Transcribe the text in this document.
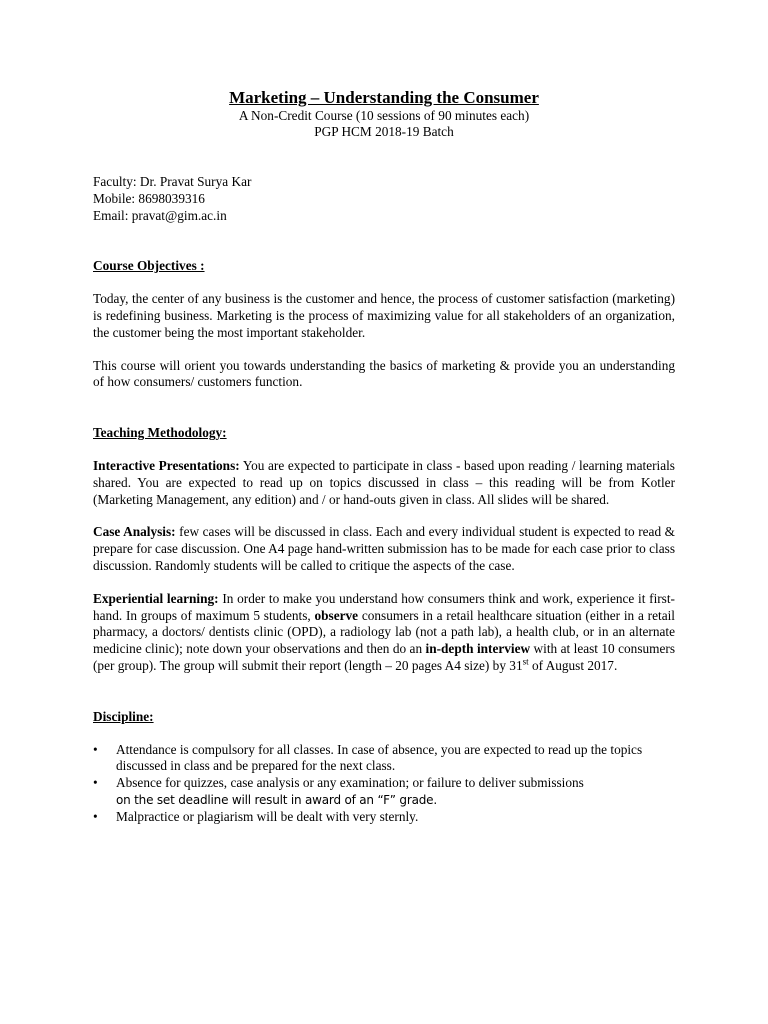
Marketing – Understanding the Consumer
A Non-Credit Course (10 sessions of 90 minutes each)
PGP HCM 2018-19 Batch
Faculty: Dr. Pravat Surya Kar
Mobile: 8698039316
Email: pravat@gim.ac.in
Course Objectives :

Today, the center of any business is the customer and hence, the process of customer satisfaction (marketing) is redefining business. Marketing is the process of maximizing value for all stakeholders of an organization, the customer being the most important stakeholder.

This course will orient you towards understanding the basics of marketing & provide you an understanding of how consumers/ customers function.

Teaching Methodology:

Interactive Presentations: You are expected to participate in class - based upon reading / learning materials shared. You are expected to read up on topics discussed in class – this reading will be from Kotler (Marketing Management, any edition) and / or hand-outs given in class. All slides will be shared.

Case Analysis: few cases will be discussed in class. Each and every individual student is expected to read & prepare for case discussion. One A4 page hand-written submission has to be made for each case prior to class discussion. Randomly students will be called to critique the aspects of the case.

Experiential learning: In order to make you understand how consumers think and work, experience it first-hand. In groups of maximum 5 students, observe consumers in a retail healthcare situation (either in a retail pharmacy, a doctors/ dentists clinic (OPD), a radiology lab (not a path lab), a health club, or in an alternate medicine clinic); note down your observations and then do an in-depth interview with at least 10 consumers (per group). The group will submit their report (length – 20 pages A4 size) by 31st of August 2017.

Discipline:
• Attendance is compulsory for all classes. In case of absence, you are expected to read up the topics discussed in class and be prepared for the next class.
• Absence for quizzes, case analysis or any examination; or failure to deliver submissions
on the set deadline will result in award of an “F” grade.
• Malpractice or plagiarism will be dealt with very sternly.
